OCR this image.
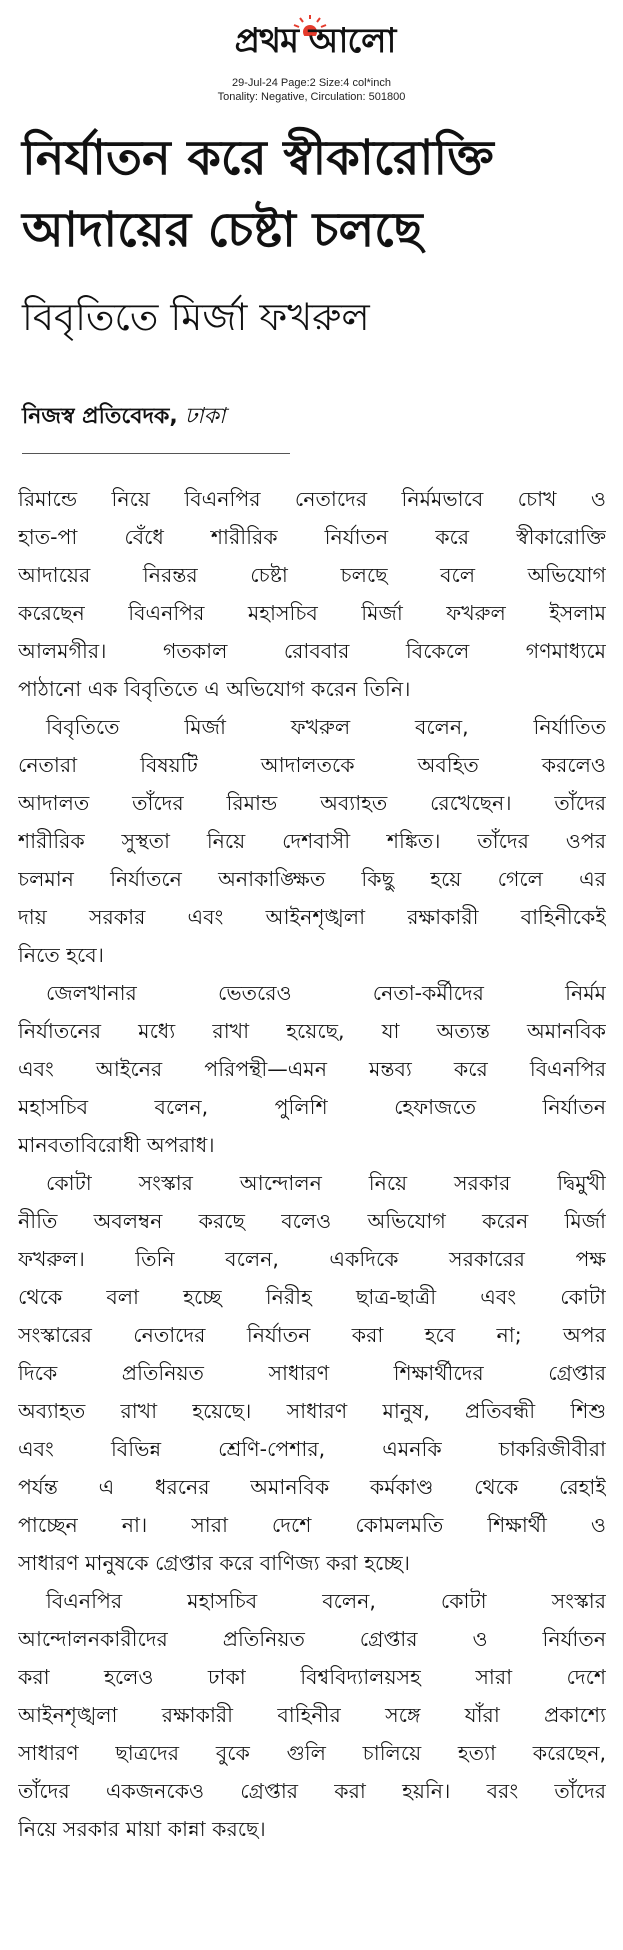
প্রথম আলো
29-Jul-24 Page:2 Size:4 col*inch
Tonality: Negative, Circulation: 501800
নির্যাতন করে স্বীকারোক্তি
আদায়ের চেষ্টা চলছে
বিবৃতিতে মির্জা ফখরুল
নিজস্ব প্রতিবেদক, ঢাকা
রিমান্ডে নিয়ে বিএনপির নেতাদের নির্মমভাবে চোখ ও
হাত-পা বেঁধে শারীরিক নির্যাতন করে স্বীকারোক্তি
আদায়ের নিরন্তর চেষ্টা চলছে বলে অভিযোগ
করেছেন বিএনপির মহাসচিব মির্জা ফখরুল ইসলাম
আলমগীর। গতকাল রোববার বিকেলে গণমাধ্যমে
পাঠানো এক বিবৃতিতে এ অভিযোগ করেন তিনি।
বিবৃতিতে মির্জা ফখরুল বলেন, নির্যাতিত
নেতারা বিষয়টি আদালতকে অবহিত করলেও
আদালত তাঁদের রিমান্ড অব্যাহত রেখেছেন। তাঁদের
শারীরিক সুস্থতা নিয়ে দেশবাসী শঙ্কিত। তাঁদের ওপর
চলমান নির্যাতনে অনাকাঙ্ক্ষিত কিছু হয়ে গেলে এর
দায় সরকার এবং আইনশৃঙ্খলা রক্ষাকারী বাহিনীকেই
নিতে হবে।
জেলখানার ভেতরেও নেতা-কর্মীদের নির্মম
নির্যাতনের মধ্যে রাখা হয়েছে, যা অত্যন্ত অমানবিক
এবং আইনের পরিপন্থী—এমন মন্তব্য করে বিএনপির
মহাসচিব বলেন, পুলিশি হেফাজতে নির্যাতন
মানবতাবিরোধী অপরাধ।
কোটা সংস্কার আন্দোলন নিয়ে সরকার দ্বিমুখী
নীতি অবলম্বন করছে বলেও অভিযোগ করেন মির্জা
ফখরুল। তিনি বলেন, একদিকে সরকারের পক্ষ
থেকে বলা হচ্ছে নিরীহ ছাত্র-ছাত্রী এবং কোটা
সংস্কারের নেতাদের নির্যাতন করা হবে না; অপর
দিকে প্রতিনিয়ত সাধারণ শিক্ষার্থীদের গ্রেপ্তার
অব্যাহত রাখা হয়েছে। সাধারণ মানুষ, প্রতিবন্ধী শিশু
এবং বিভিন্ন শ্রেণি-পেশার, এমনকি চাকরিজীবীরা
পর্যন্ত এ ধরনের অমানবিক কর্মকাণ্ড থেকে রেহাই
পাচ্ছেন না। সারা দেশে কোমলমতি শিক্ষার্থী ও
সাধারণ মানুষকে গ্রেপ্তার করে বাণিজ্য করা হচ্ছে।
বিএনপির মহাসচিব বলেন, কোটা সংস্কার
আন্দোলনকারীদের প্রতিনিয়ত গ্রেপ্তার ও নির্যাতন
করা হলেও ঢাকা বিশ্ববিদ্যালয়সহ সারা দেশে
আইনশৃঙ্খলা রক্ষাকারী বাহিনীর সঙ্গে যাঁরা প্রকাশ্যে
সাধারণ ছাত্রদের বুকে গুলি চালিয়ে হত্যা করেছেন,
তাঁদের একজনকেও গ্রেপ্তার করা হয়নি। বরং তাঁদের
নিয়ে সরকার মায়া কান্না করছে।
